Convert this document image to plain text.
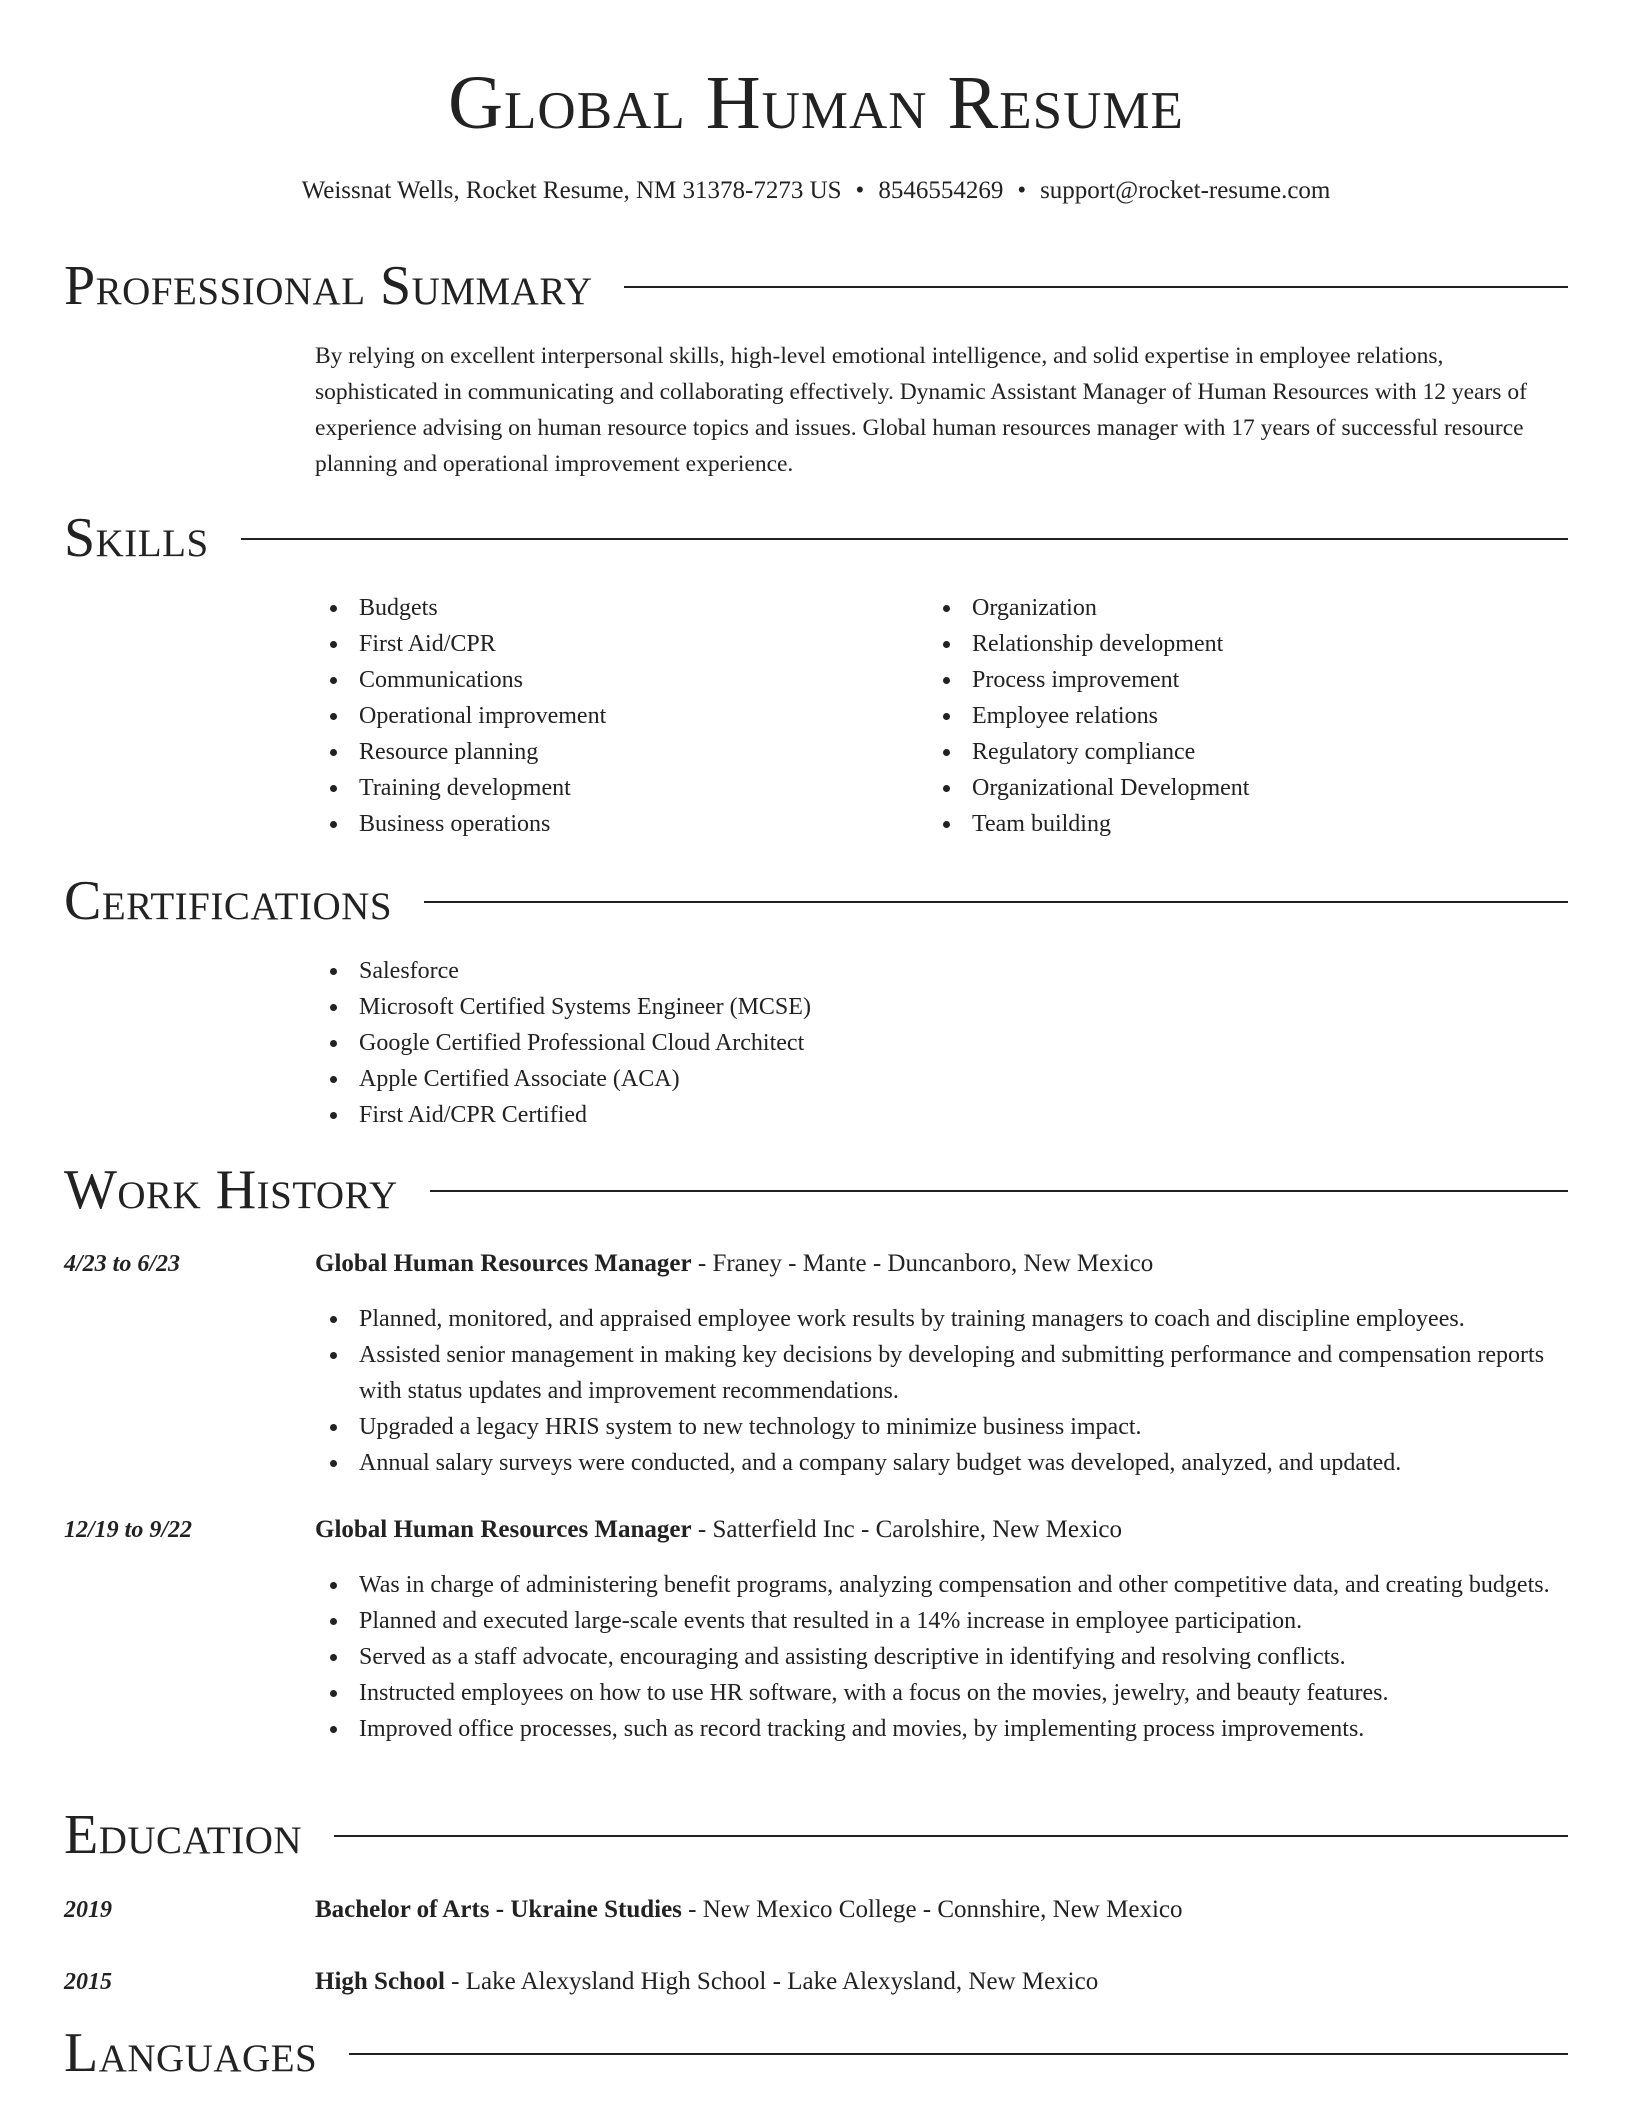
Global Human Resume
Weissnat Wells, Rocket Resume, NM 31378-7273 US • 8546554269 • support@rocket-resume.com
Professional Summary

By relying on excellent interpersonal skills, high-level emotional intelligence, and solid expertise in employee relations, sophisticated in communicating and collaborating effectively. Dynamic Assistant Manager of Human Resources with 12 years of experience advising on human resource topics and issues. Global human resources manager with 17 years of successful resource planning and operational improvement experience.

Skills
Budgets
First Aid/CPR
Communications
Operational improvement
Resource planning
Training development
Business operations
Organization
Relationship development
Process improvement
Employee relations
Regulatory compliance
Organizational Development
Team building
Certifications
Salesforce
Microsoft Certified Systems Engineer (MCSE)
Google Certified Professional Cloud Architect
Apple Certified Associate (ACA)
First Aid/CPR Certified
Work History
4/23 to 6/23	Global Human Resources Manager - Franey - Mante - Duncanboro, New Mexico
Planned, monitored, and appraised employee work results by training managers to coach and discipline employees.
Assisted senior management in making key decisions by developing and submitting performance and compensation reports with status updates and improvement recommendations.
Upgraded a legacy HRIS system to new technology to minimize business impact.
Annual salary surveys were conducted, and a company salary budget was developed, analyzed, and updated.
12/19 to 9/22	Global Human Resources Manager - Satterfield Inc - Carolshire, New Mexico
Was in charge of administering benefit programs, analyzing compensation and other competitive data, and creating budgets.
Planned and executed large-scale events that resulted in a 14% increase in employee participation.
Served as a staff advocate, encouraging and assisting descriptive in identifying and resolving conflicts.
Instructed employees on how to use HR software, with a focus on the movies, jewelry, and beauty features.
Improved office processes, such as record tracking and movies, by implementing process improvements.
Education
2019	Bachelor of Arts - Ukraine Studies - New Mexico College - Connshire, New Mexico
2015	High School - Lake Alexysland High School - Lake Alexysland, New Mexico
Languages
